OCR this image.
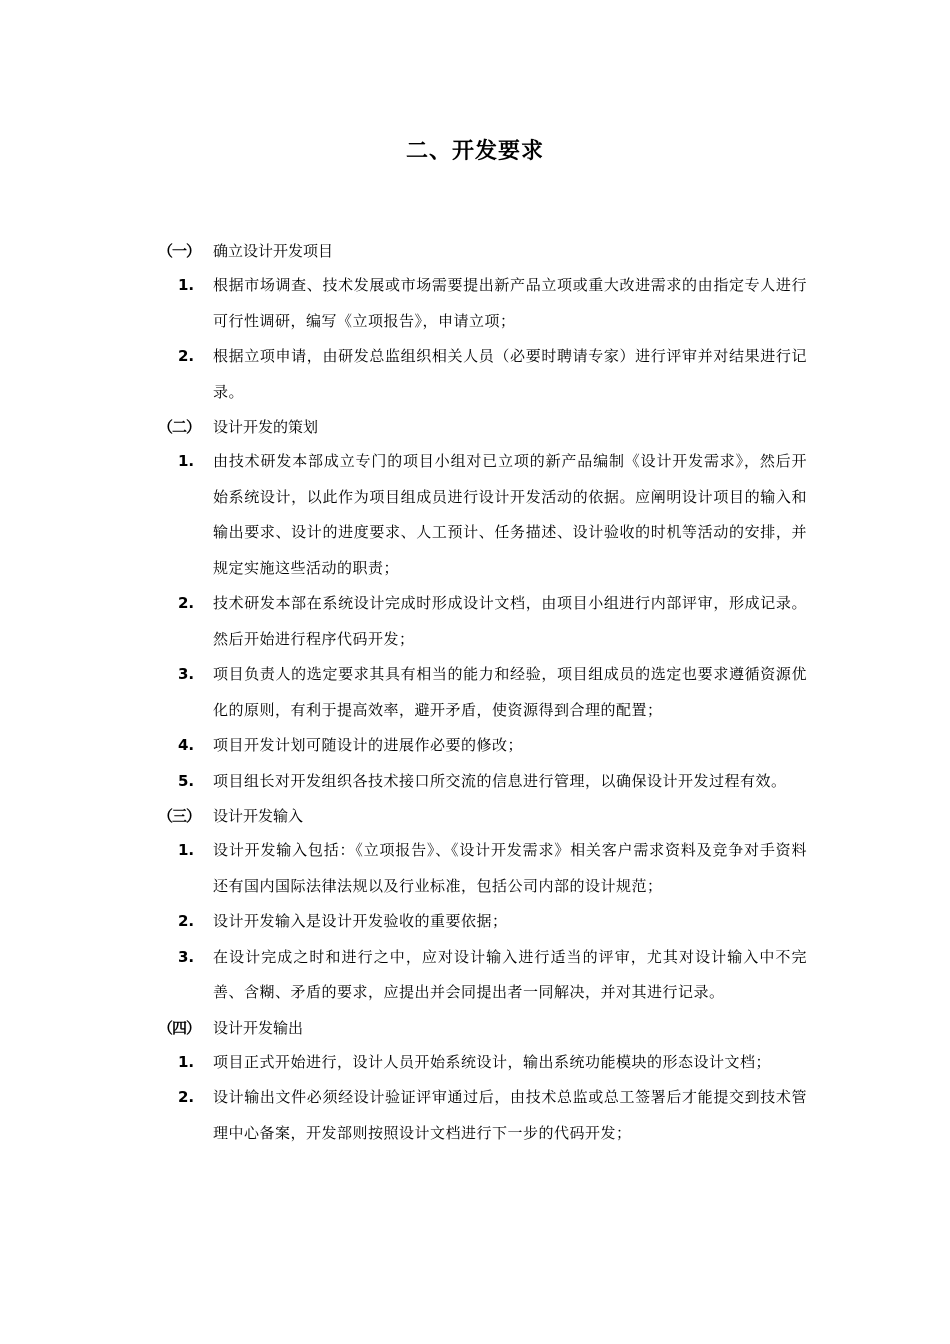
二、开发要求
（一） 确立设计开发项目
1. 根据市场调查、技术发展或市场需要提出新产品立项或重大改进需求的由指定专人进行可行性调研，编写《立项报告》，申请立项；
2. 根据立项申请，由研发总监组织相关人员（必要时聘请专家）进行评审并对结果进行记录。
（二） 设计开发的策划
1. 由技术研发本部成立专门的项目小组对已立项的新产品编制《设计开发需求》，然后开始系统设计，以此作为项目组成员进行设计开发活动的依据。应阐明设计项目的输入和输出要求、设计的进度要求、人工预计、任务描述、设计验收的时机等活动的安排，并规定实施这些活动的职责；
2. 技术研发本部在系统设计完成时形成设计文档，由项目小组进行内部评审，形成记录。然后开始进行程序代码开发；
3. 项目负责人的选定要求其具有相当的能力和经验，项目组成员的选定也要求遵循资源优化的原则，有利于提高效率，避开矛盾，使资源得到合理的配置；
4. 项目开发计划可随设计的进展作必要的修改；
5. 项目组长对开发组织各技术接口所交流的信息进行管理，以确保设计开发过程有效。
（三） 设计开发输入
1. 设计开发输入包括：《立项报告》、《设计开发需求》相关客户需求资料及竞争对手资料还有国内国际法律法规以及行业标准，包括公司内部的设计规范；
2. 设计开发输入是设计开发验收的重要依据；
3. 在设计完成之时和进行之中，应对设计输入进行适当的评审，尤其对设计输入中不完善、含糊、矛盾的要求，应提出并会同提出者一同解决，并对其进行记录。
（四） 设计开发输出
1. 项目正式开始进行，设计人员开始系统设计，输出系统功能模块的形态设计文档；
2. 设计输出文件必须经设计验证评审通过后，由技术总监或总工签署后才能提交到技术管理中心备案，开发部则按照设计文档进行下一步的代码开发；
